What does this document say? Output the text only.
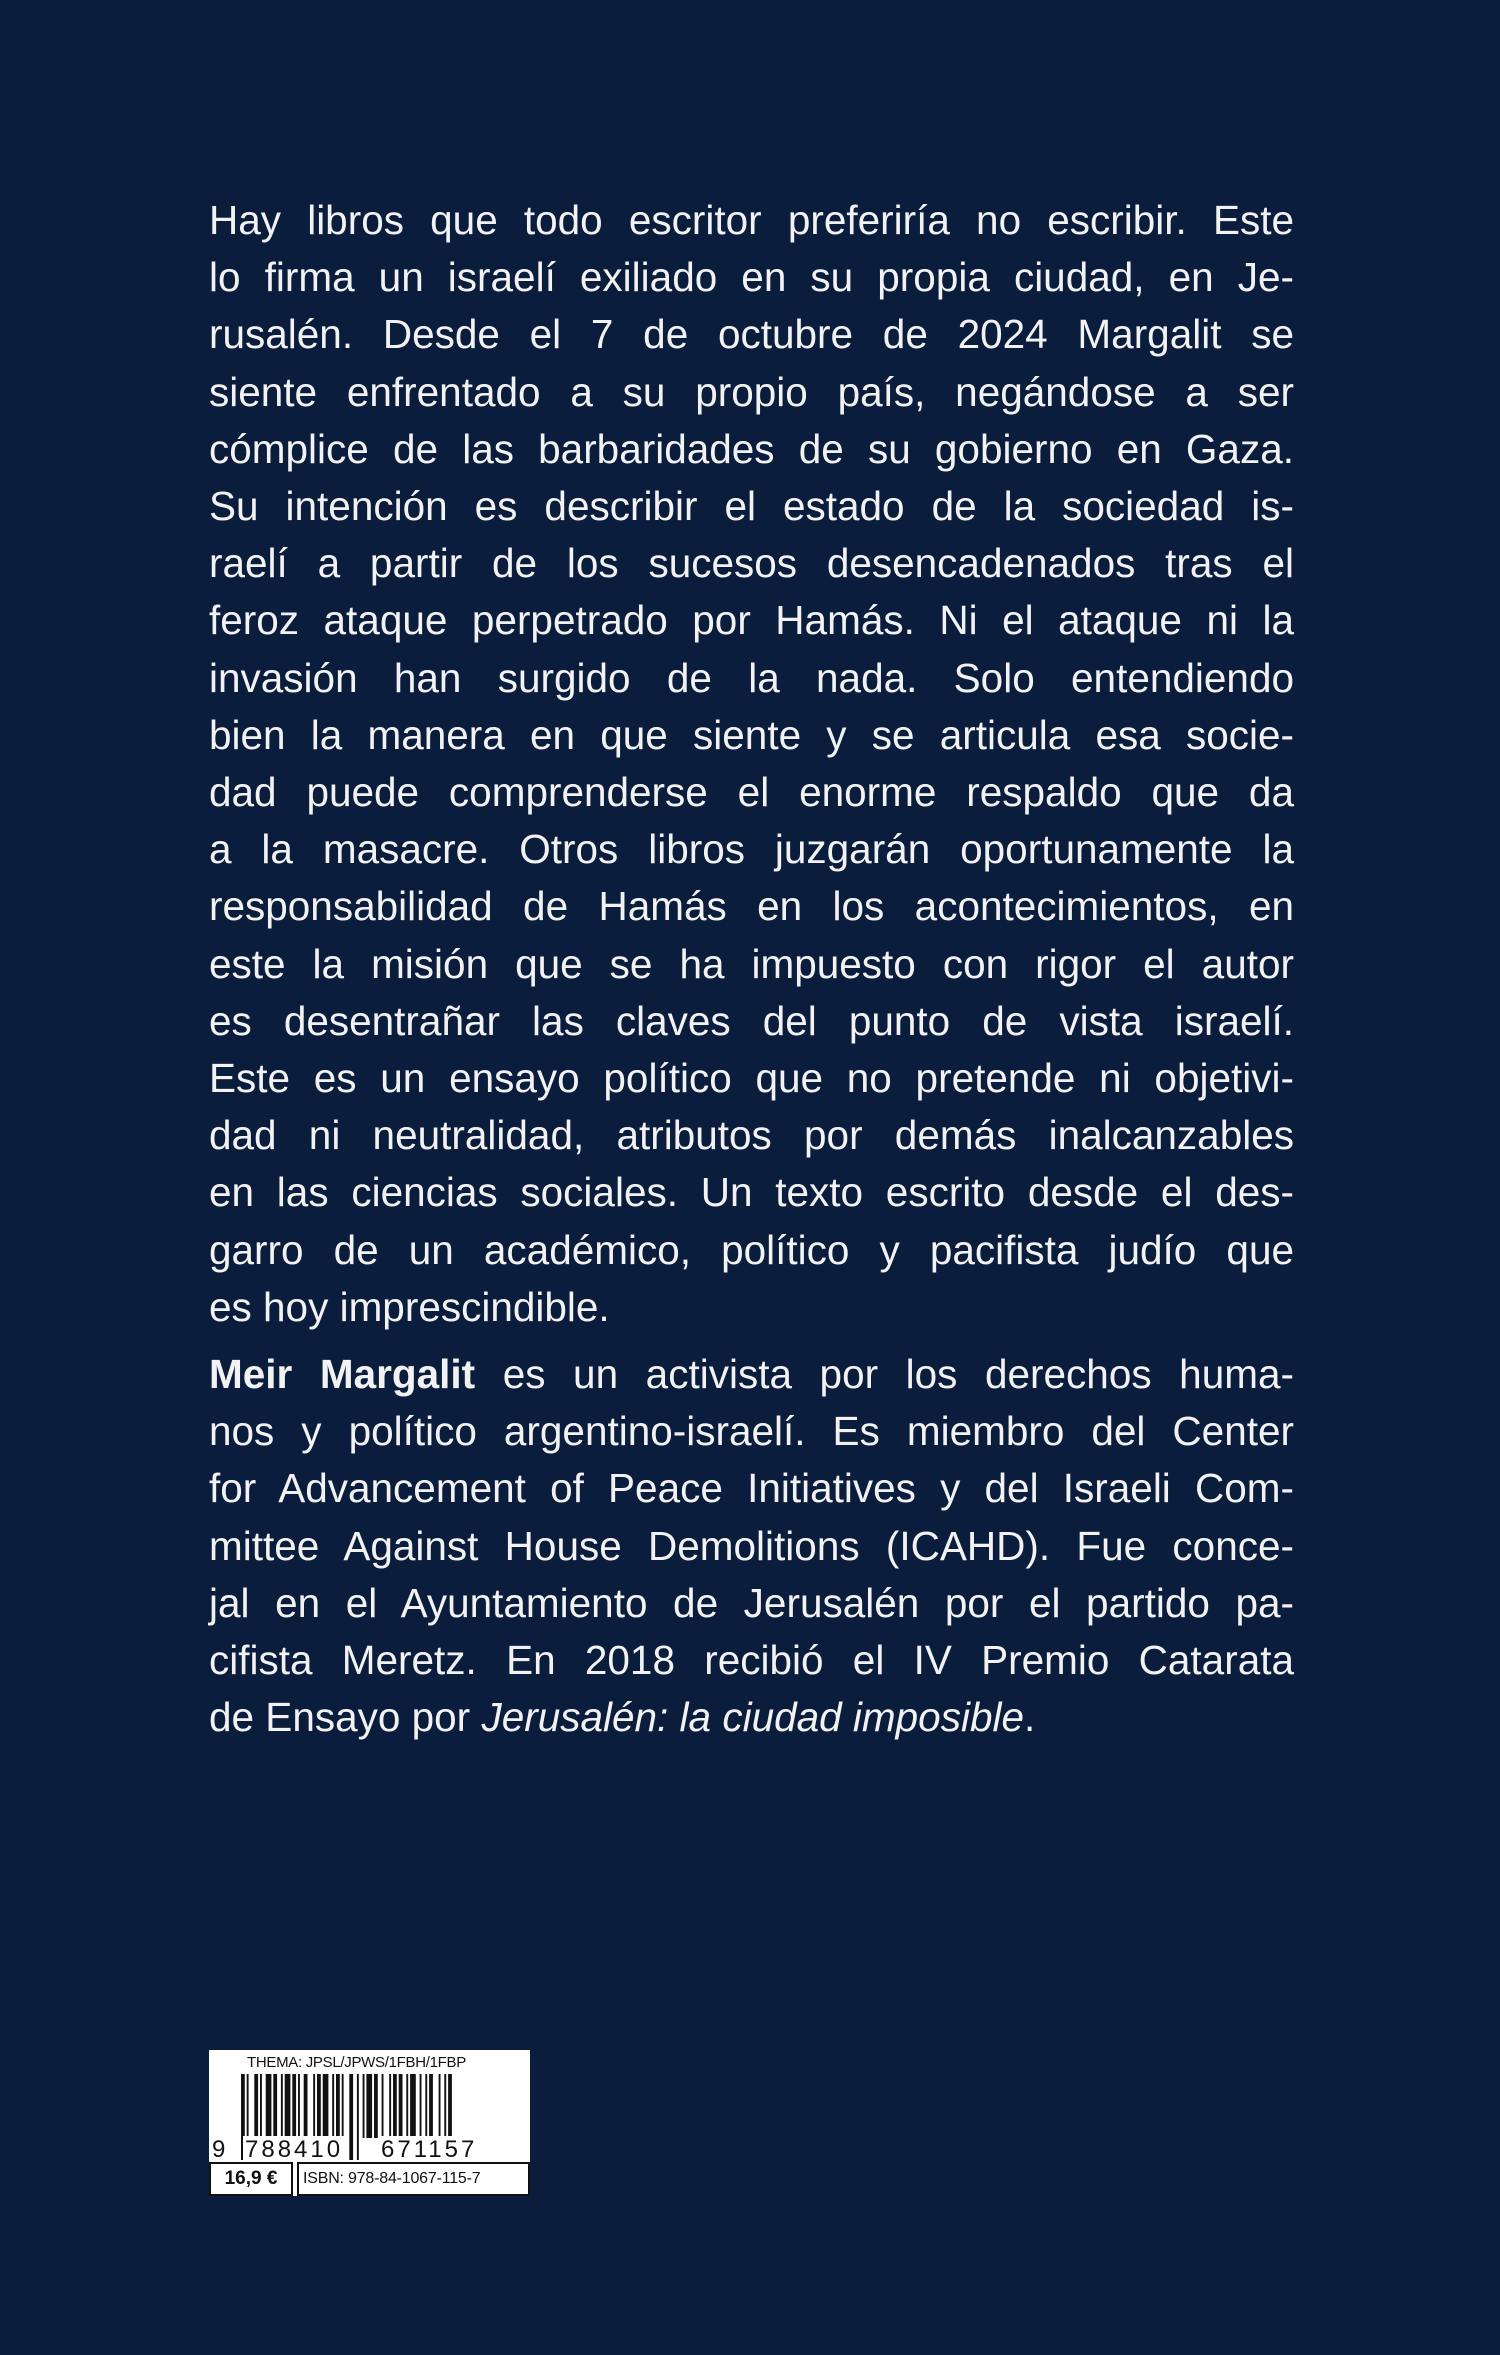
Hay libros que todo escritor preferiría no escribir. Este
lo firma un israelí exiliado en su propia ciudad, en Je-
rusalén. Desde el 7 de octubre de 2024 Margalit se
siente enfrentado a su propio país, negándose a ser
cómplice de las barbaridades de su gobierno en Gaza.
Su intención es describir el estado de la sociedad is-
raelí a partir de los sucesos desencadenados tras el
feroz ataque perpetrado por Hamás. Ni el ataque ni la
invasión han surgido de la nada. Solo entendiendo
bien la manera en que siente y se articula esa socie-
dad puede comprenderse el enorme respaldo que da
a la masacre. Otros libros juzgarán oportunamente la
responsabilidad de Hamás en los acontecimientos, en
este la misión que se ha impuesto con rigor el autor
es desentrañar las claves del punto de vista israelí.
Este es un ensayo político que no pretende ni objetivi-
dad ni neutralidad, atributos por demás inalcanzables
en las ciencias sociales. Un texto escrito desde el des-
garro de un académico, político y pacifista judío que
es hoy imprescindible.
Meir Margalit es un activista por los derechos huma-
nos y político argentino-israelí. Es miembro del Center
for Advancement of Peace Initiatives y del Israeli Com-
mittee Against House Demolitions (ICAHD). Fue conce-
jal en el Ayuntamiento de Jerusalén por el partido pa-
cifista Meretz. En 2018 recibió el IV Premio Catarata
de Ensayo por Jerusalén: la ciudad imposible.
THEMA: JPSL/JPWS/1FBH/1FBP
9 788410 671157
16,9 €	ISBN: 978-84-1067-115-7
